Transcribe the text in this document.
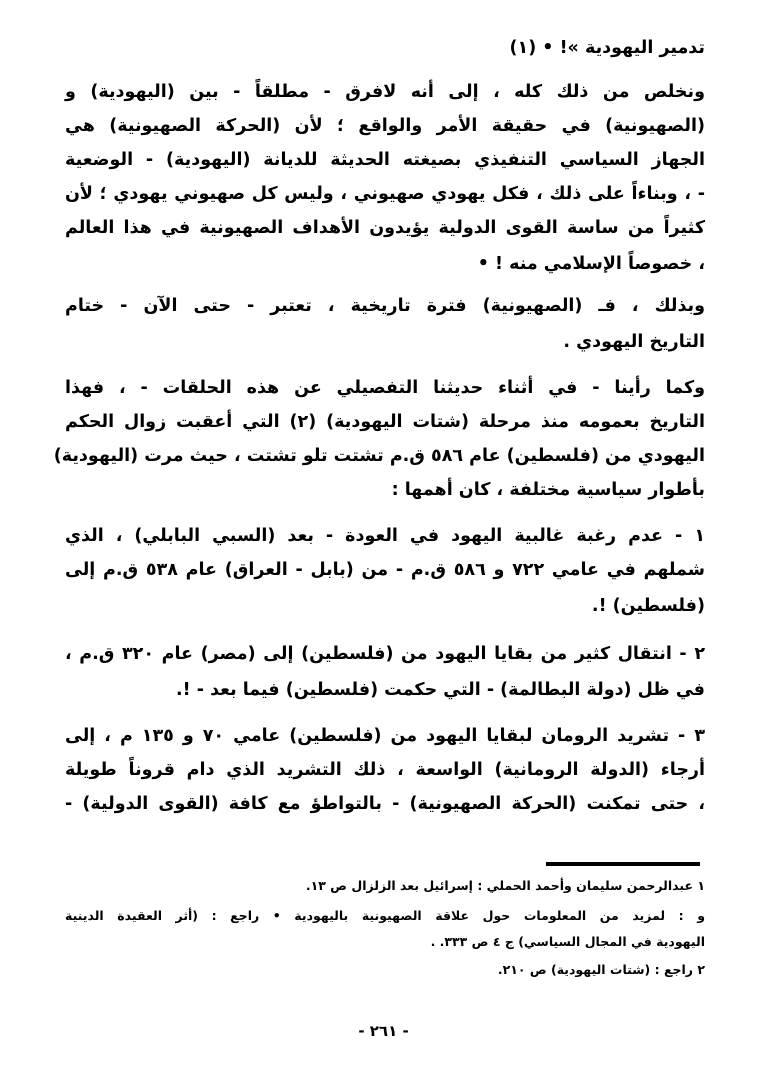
تدمير اليهودية »! • (١)
ونخلص من ذلك كله ، إلى أنه لافرق - مطلقاً - بين (اليهودية) و
(الصهيونية) في حقيقة الأمر والواقع ؛ لأن (الحركة الصهيونية) هي
الجهاز السياسي التنفيذي بصيغته الحديثة للديانة (اليهودية) - الوضعية
- ، وبناءاً على ذلك ، فكل يهودي صهيوني ، وليس كل صهيوني يهودي ؛ لأن
كثيراً من ساسة القوى الدولية يؤيدون الأهداف الصهيونية في هذا العالم
، خصوصاً الإسلامي منه ! •
وبذلك ، فـ (الصهيونية) فترة تاريخية ، تعتبر - حتى الآن - ختام
التاريخ اليهودي .
وكما رأينا - في أثناء حديثنا التفصيلي عن هذه الحلقات - ، فهذا
التاريخ بعمومه منذ مرحلة (شتات اليهودية) (٢) التي أعقبت زوال الحكم
اليهودي من (فلسطين) عام ٥٨٦ ق.م تشتت تلو تشتت ، حيث مرت (اليهودية)
بأطوار سياسية مختلفة ، كان أهمها :
١ - عدم رغبة غالبية اليهود في العودة - بعد (السبي البابلي) ، الذي
شملهم في عامي ٧٢٢ و ٥٨٦ ق.م - من (بابل - العراق) عام ٥٣٨ ق.م إلى
(فلسطين) !.
٢ - انتقال كثير من بقايا اليهود من (فلسطين) إلى (مصر) عام ٣٢٠ ق.م ،
في ظل (دولة البطالمة) - التي حكمت (فلسطين) فيما بعد - !.
٣ - تشريد الرومان لبقايا اليهود من (فلسطين) عامي ٧٠ و ١٣٥ م ، إلى
أرجاء (الدولة الرومانية) الواسعة ، ذلك التشريد الذي دام قروناً طويلة
، حتى تمكنت (الحركة الصهيونية) - بالتواطؤ مع كافة (القوى الدولية) -
١ عبدالرحمن سليمان وأحمد الحملي : إسرائيل بعد الزلزال ص ١٣.
و : لمزيد من المعلومات حول علاقة الصهيونية باليهودية • راجع : (أثر العقيدة الدينية
اليهودية في المجال السياسي) ج ٤ ص ٣٣٣. .
٢ راجع : (شتات اليهودية) ص ٢١٠.
- ٢٦١ -
